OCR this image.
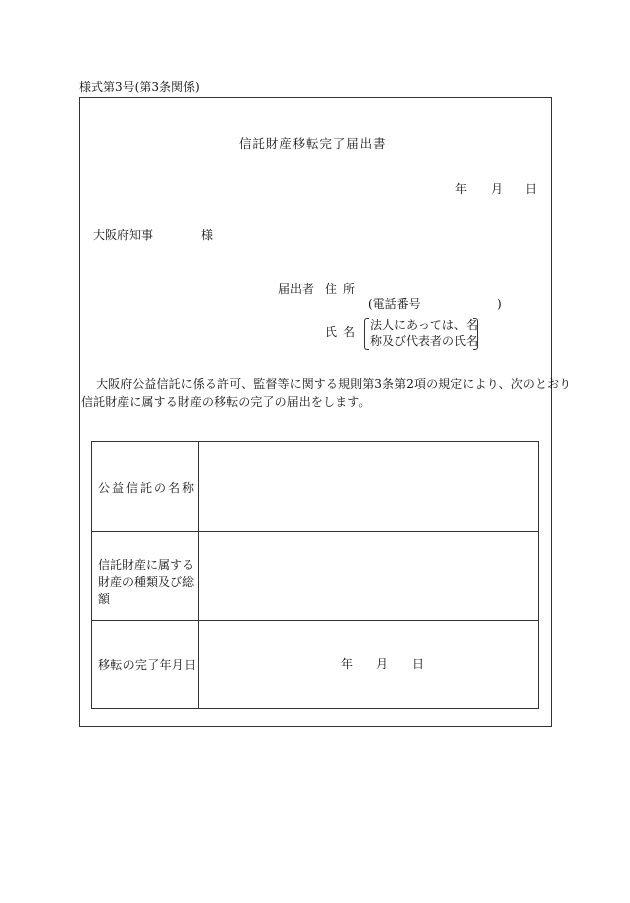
様式第3号(第3条関係)
信託財産移転完了届出書
年 月 日
大阪府知事	様
届出者 住所
(電話番号	)
氏名 法人にあっては、名
称及び代表者の氏名
大阪府公益信託に係る許可、監督等に関する規則第3条第2項の規定により、次のとおり
信託財産に属する財産の移転の完了の届出をします。
公益信託の名称
信託財産に属する財産の種類及び総額
移転の完了年月日	年 月 日
